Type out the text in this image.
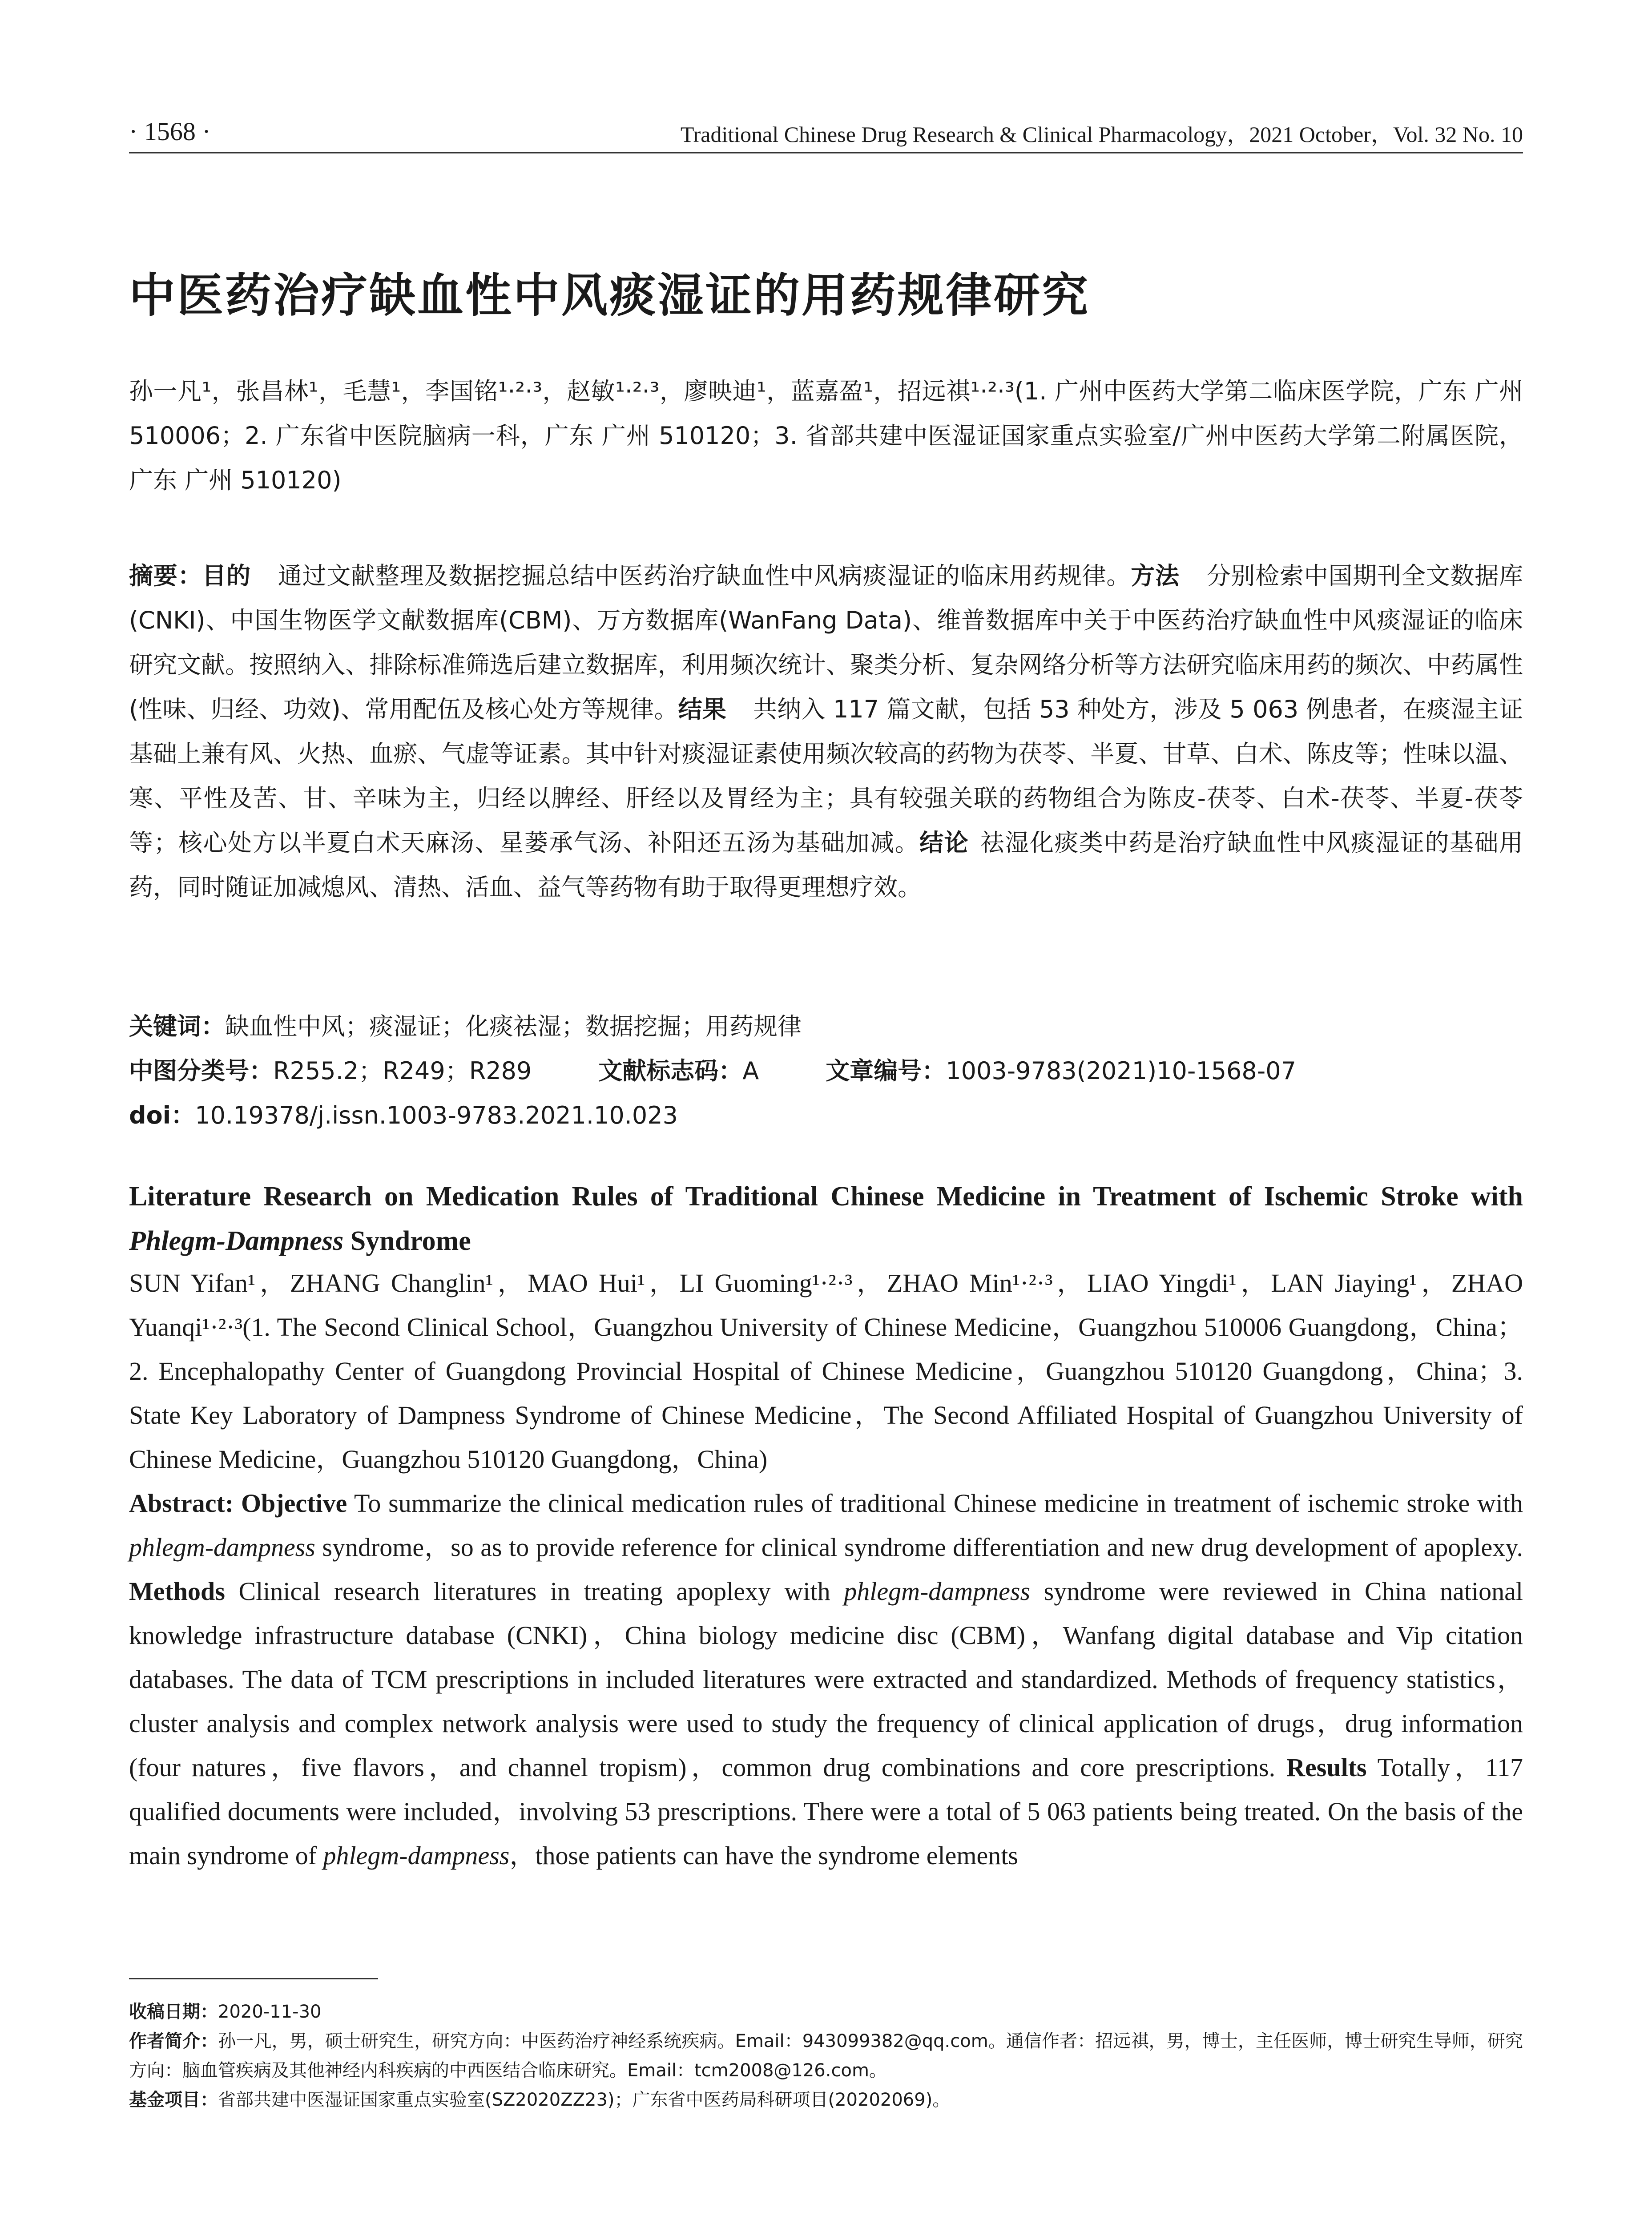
· 1568 ·	Traditional Chinese Drug Research & Clinical Pharmacology，2021 October，Vol. 32 No. 10
中医药治疗缺血性中风痰湿证的用药规律研究
孙一凡¹，张昌林¹，毛慧¹，李国铭¹·²·³，赵敏¹·²·³，廖映迪¹，蓝嘉盈¹，招远祺¹·²·³(1. 广州中医药大学第二临床医学院，广东 广州 510006；2. 广东省中医院脑病一科，广东 广州 510120；3. 省部共建中医湿证国家重点实验室/广州中医药大学第二附属医院，广东 广州 510120)
摘要：目的 通过文献整理及数据挖掘总结中医药治疗缺血性中风病痰湿证的临床用药规律。方法 分别检索中国期刊全文数据库(CNKI)、中国生物医学文献数据库(CBM)、万方数据库(WanFang Data)、维普数据库中关于中医药治疗缺血性中风痰湿证的临床研究文献。按照纳入、排除标准筛选后建立数据库，利用频次统计、聚类分析、复杂网络分析等方法研究临床用药的频次、中药属性(性味、归经、功效)、常用配伍及核心处方等规律。结果 共纳入 117 篇文献，包括 53 种处方，涉及 5 063 例患者，在痰湿主证基础上兼有风、火热、血瘀、气虚等证素。其中针对痰湿证素使用频次较高的药物为茯苓、半夏、甘草、白术、陈皮等；性味以温、寒、平性及苦、甘、辛味为主，归经以脾经、肝经以及胃经为主；具有较强关联的药物组合为陈皮-茯苓、白术-茯苓、半夏-茯苓等；核心处方以半夏白术天麻汤、星蒌承气汤、补阳还五汤为基础加减。结论 祛湿化痰类中药是治疗缺血性中风痰湿证的基础用药，同时随证加减熄风、清热、活血、益气等药物有助于取得更理想疗效。
关键词：缺血性中风；痰湿证；化痰祛湿；数据挖掘；用药规律
中图分类号：R255.2；R249；R289	文献标志码：A	文章编号：1003-9783(2021)10-1568-07
doi：10.19378/j.issn.1003-9783.2021.10.023
Literature Research on Medication Rules of Traditional Chinese Medicine in Treatment of Ischemic Stroke with Phlegm-Dampness Syndrome
SUN Yifan¹，ZHANG Changlin¹，MAO Hui¹，LI Guoming¹·²·³，ZHAO Min¹·²·³，LIAO Yingdi¹，LAN Jiaying¹，ZHAO Yuanqi¹·²·³(1. The Second Clinical School，Guangzhou University of Chinese Medicine，Guangzhou 510006 Guangdong，China；2. Encephalopathy Center of Guangdong Provincial Hospital of Chinese Medicine，Guangzhou 510120 Guangdong，China；3. State Key Laboratory of Dampness Syndrome of Chinese Medicine，The Second Affiliated Hospital of Guangzhou University of Chinese Medicine，Guangzhou 510120 Guangdong，China)
Abstract: Objective To summarize the clinical medication rules of traditional Chinese medicine in treatment of ischemic stroke with phlegm-dampness syndrome，so as to provide reference for clinical syndrome differentiation and new drug development of apoplexy. Methods Clinical research literatures in treating apoplexy with phlegm-dampness syndrome were reviewed in China national knowledge infrastructure database (CNKI)，China biology medicine disc (CBM)，Wanfang digital database and Vip citation databases. The data of TCM prescriptions in included literatures were extracted and standardized. Methods of frequency statistics，cluster analysis and complex network analysis were used to study the frequency of clinical application of drugs，drug information (four natures，five flavors，and channel tropism)，common drug combinations and core prescriptions. Results Totally，117 qualified documents were included，involving 53 prescriptions. There were a total of 5 063 patients being treated. On the basis of the main syndrome of phlegm-dampness，those patients can have the syndrome elements
收稿日期：2020-11-30
作者简介：孙一凡，男，硕士研究生，研究方向：中医药治疗神经系统疾病。Email：943099382@qq.com。通信作者：招远祺，男，博士，主任医师，博士研究生导师，研究方向：脑血管疾病及其他神经内科疾病的中西医结合临床研究。Email：tcm2008@126.com。
基金项目：省部共建中医湿证国家重点实验室(SZ2020ZZ23)；广东省中医药局科研项目(20202069)。
